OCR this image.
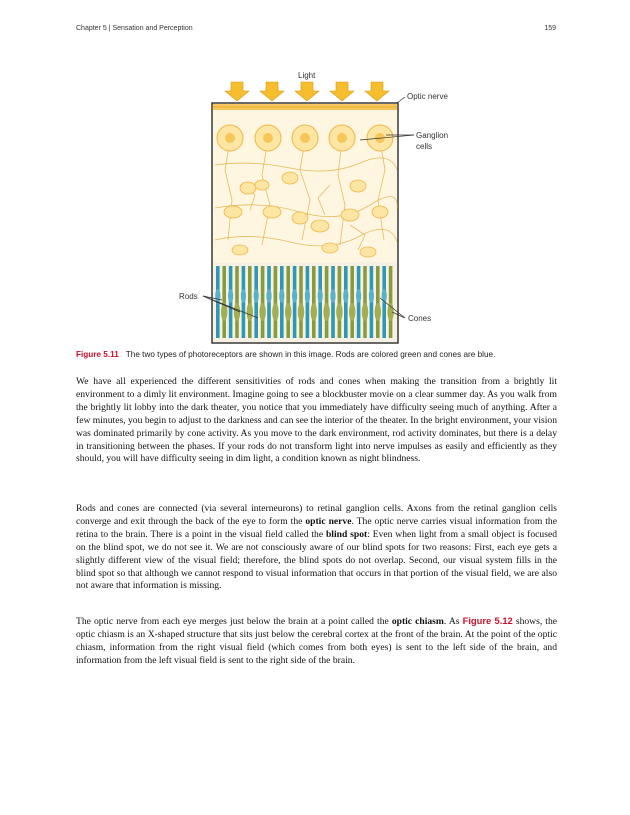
Chapter 5 | Sensation and Perception	159
Light
Optic nerve
Ganglion
cells
Rods
Cones
Figure 5.11 The two types of photoreceptors are shown in this image. Rods are colored green and cones are blue.
We have all experienced the different sensitivities of rods and cones when making the transition from a brightly lit environment to a dimly lit environment. Imagine going to see a blockbuster movie on a clear summer day. As you walk from the brightly lit lobby into the dark theater, you notice that you immediately have difficulty seeing much of anything. After a few minutes, you begin to adjust to the darkness and can see the interior of the theater. In the bright environment, your vision was dominated primarily by cone activity. As you move to the dark environment, rod activity dominates, but there is a delay in transitioning between the phases. If your rods do not transform light into nerve impulses as easily and efficiently as they should, you will have difficulty seeing in dim light, a condition known as night blindness.
Rods and cones are connected (via several interneurons) to retinal ganglion cells. Axons from the retinal ganglion cells converge and exit through the back of the eye to form the optic nerve. The optic nerve carries visual information from the retina to the brain. There is a point in the visual field called the blind spot: Even when light from a small object is focused on the blind spot, we do not see it. We are not consciously aware of our blind spots for two reasons: First, each eye gets a slightly different view of the visual field; therefore, the blind spots do not overlap. Second, our visual system fills in the blind spot so that although we cannot respond to visual information that occurs in that portion of the visual field, we are also not aware that information is missing.
The optic nerve from each eye merges just below the brain at a point called the optic chiasm. As Figure 5.12 shows, the optic chiasm is an X-shaped structure that sits just below the cerebral cortex at the front of the brain. At the point of the optic chiasm, information from the right visual field (which comes from both eyes) is sent to the left side of the brain, and information from the left visual field is sent to the right side of the brain.
